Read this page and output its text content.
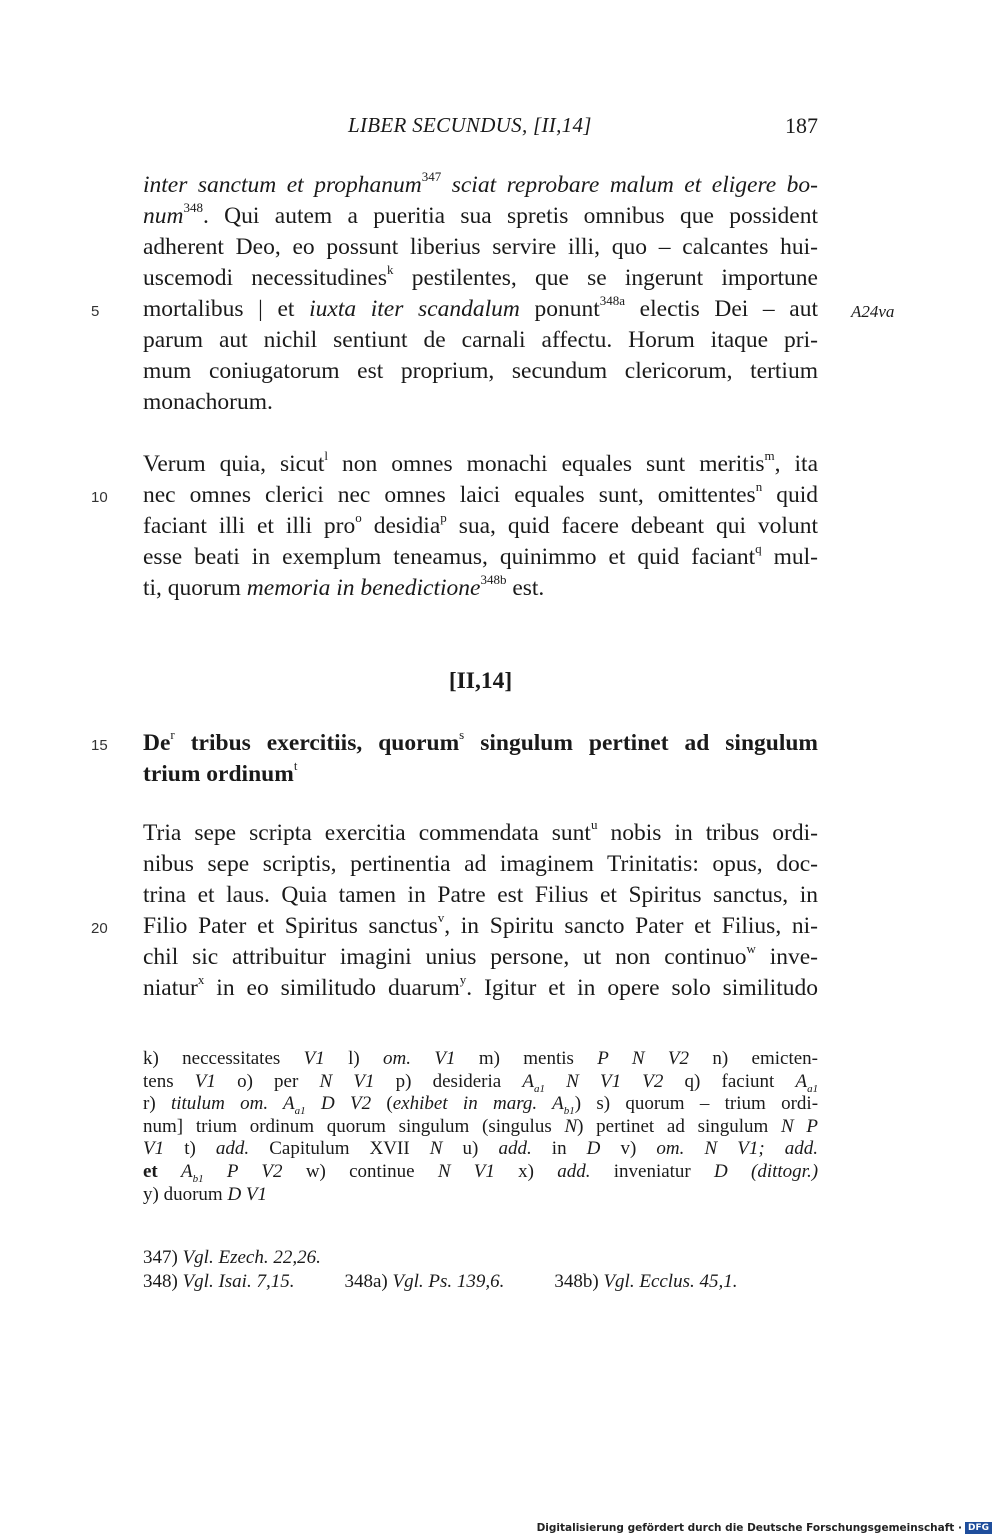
LIBER SECUNDUS, [II,14]	187
inter sanctum et prophanum$^{347}$ sciat reprobare malum et eligere bo-
num$^{348}$. Qui autem a pueritia sua spretis omnibus que possident
adherent Deo, eo possunt liberius servire illi, quo – calcantes hui-
uscemodi necessitudines$^k$ pestilentes, que se ingerunt importune
5 mortalibus | et iuxta iter scandalum ponunt$^{348a}$ electis Dei – aut A24va
parum aut nichil sentiunt de carnali affectu. Horum itaque pri-
mum coniugatorum est proprium, secundum clericorum, tertium
monachorum.
Verum quia, sicut$^l$ non omnes monachi equales sunt meritis$^m$, ita
10 nec omnes clerici nec omnes laici equales sunt, omittentes$^n$ quid
faciant illi et illi pro$^o$ desidia$^p$ sua, quid facere debeant qui volunt
esse beati in exemplum teneamus, quinimmo et quid faciant$^q$ mul-
ti, quorum memoria in benedictione$^{348b}$ est.
[II,14]
15 De$^r$ tribus exercitiis, quorum$^s$ singulum pertinet ad singulum
trium ordinum$^t$
Tria sepe scripta exercitia commendata sunt$^u$ nobis in tribus ordi-
nibus sepe scriptis, pertinentia ad imaginem Trinitatis: opus, doc-
trina et laus. Quia tamen in Patre est Filius et Spiritus sanctus, in
20 Filio Pater et Spiritus sanctus$^v$, in Spiritu sancto Pater et Filius, ni-
chil sic attribuitur imagini unius persone, ut non continuo$^w$ inve-
niatur$^x$ in eo similitudo duarum$^y$. Igitur et in opere solo similitudo
k) neccessitates V1 l) om. V1 m) mentis P N V2 n) emicten-
tens V1 o) per N V1 p) desideria $A_{a1}$ N V1 V2 q) faciunt $A_{a1}$
r) titulum om. $A_{a1}$ D V2 (exhibet in marg. $A_{b1}$) s) quorum – trium ordi-
num] trium ordinum quorum singulum (singulus N) pertinet ad singulum N P
V1 t) add. Capitulum XVII N u) add. in D v) om. N V1; add.
et $A_{b1}$ P V2 w) continue N V1 x) add. inveniatur D (dittogr.)
y) duorum D V1
347) Vgl. Ezech. 22,26.
348) Vgl. Isai. 7,15.	348a) Vgl. Ps. 139,6.	348b) Vgl. Ecclus. 45,1.
Digitalisierung gefördert durch die Deutsche Forschungsgemeinschaft · DFG
